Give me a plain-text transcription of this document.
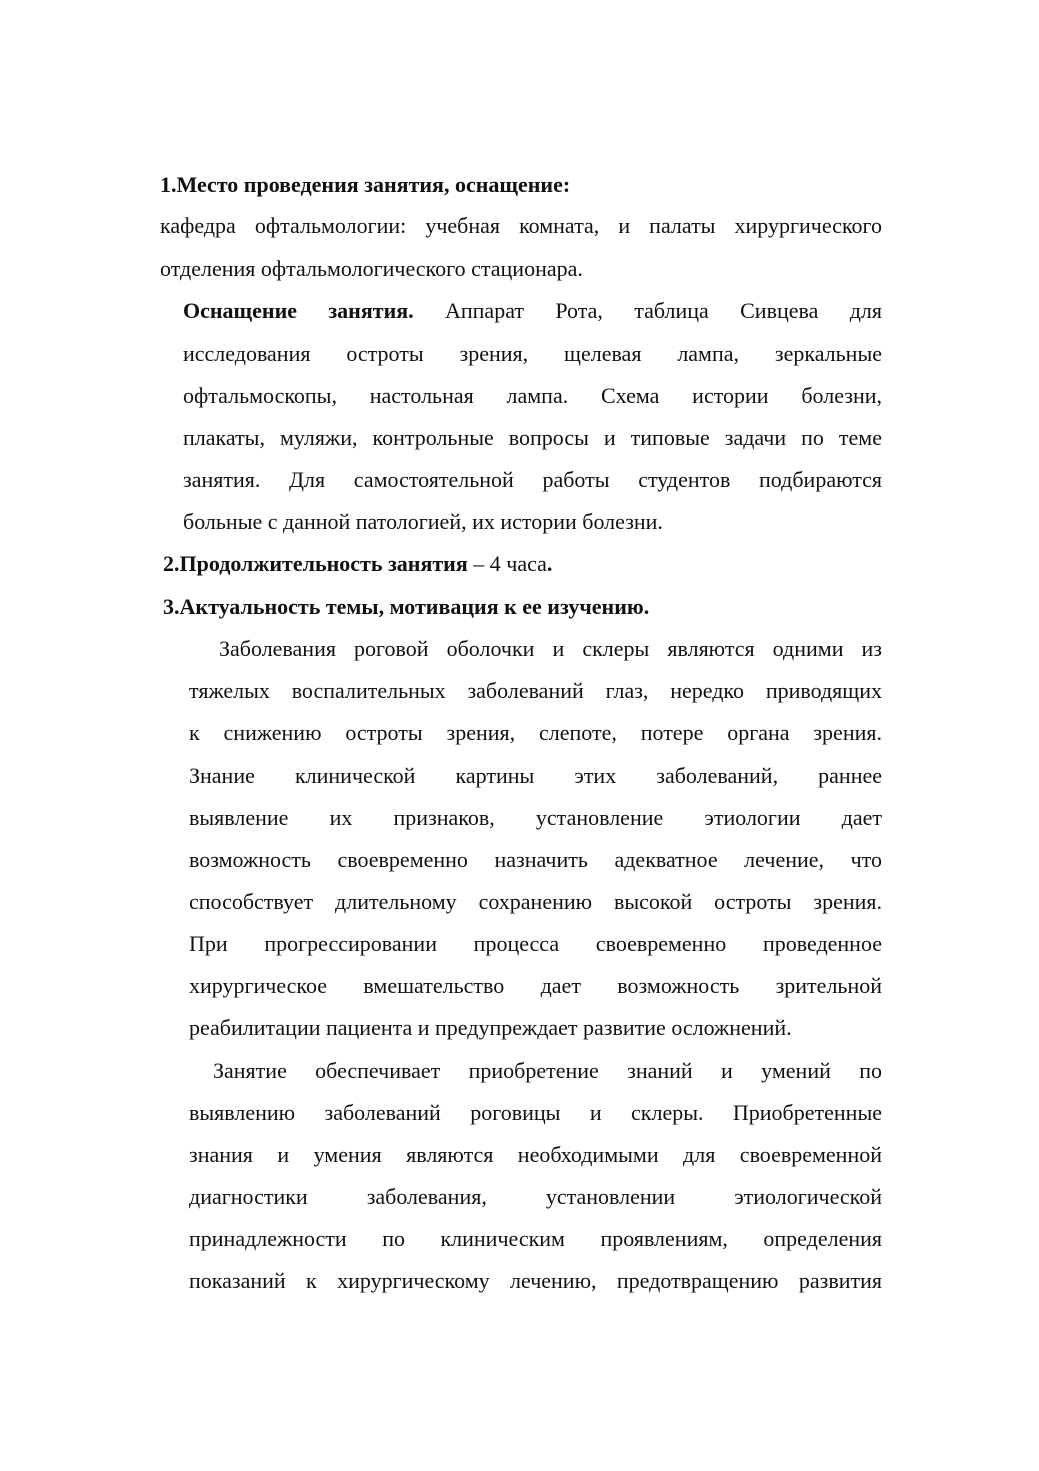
1.Место проведения занятия, оснащение:
кафедра офтальмологии: учебная комната, и палаты хирургического
отделения офтальмологического стационара.
Оснащение занятия. Аппарат Рота, таблица Сивцева для
исследования остроты зрения, щелевая лампа, зеркальные
офтальмоскопы, настольная лампа. Схема истории болезни,
плакаты, муляжи, контрольные вопросы и типовые задачи по теме
занятия. Для самостоятельной работы студентов подбираются
больные с данной патологией, их истории болезни.
2.Продолжительность занятия – 4 часа.
3.Актуальность темы, мотивация к ее изучению.
Заболевания роговой оболочки и склеры являются одними из
тяжелых воспалительных заболеваний глаз, нередко приводящих
к снижению остроты зрения, слепоте, потере органа зрения.
Знание клинической картины этих заболеваний, раннее
выявление их признаков, установление этиологии дает
возможность своевременно назначить адекватное лечение, что
способствует длительному сохранению высокой остроты зрения.
При прогрессировании процесса своевременно проведенное
хирургическое вмешательство дает возможность зрительной
реабилитации пациента и предупреждает развитие осложнений.
Занятие обеспечивает приобретение знаний и умений по
выявлению заболеваний роговицы и склеры. Приобретенные
знания и умения являются необходимыми для своевременной
диагностики заболевания, установлении этиологической
принадлежности по клиническим проявлениям, определения
показаний к хирургическому лечению, предотвращению развития
